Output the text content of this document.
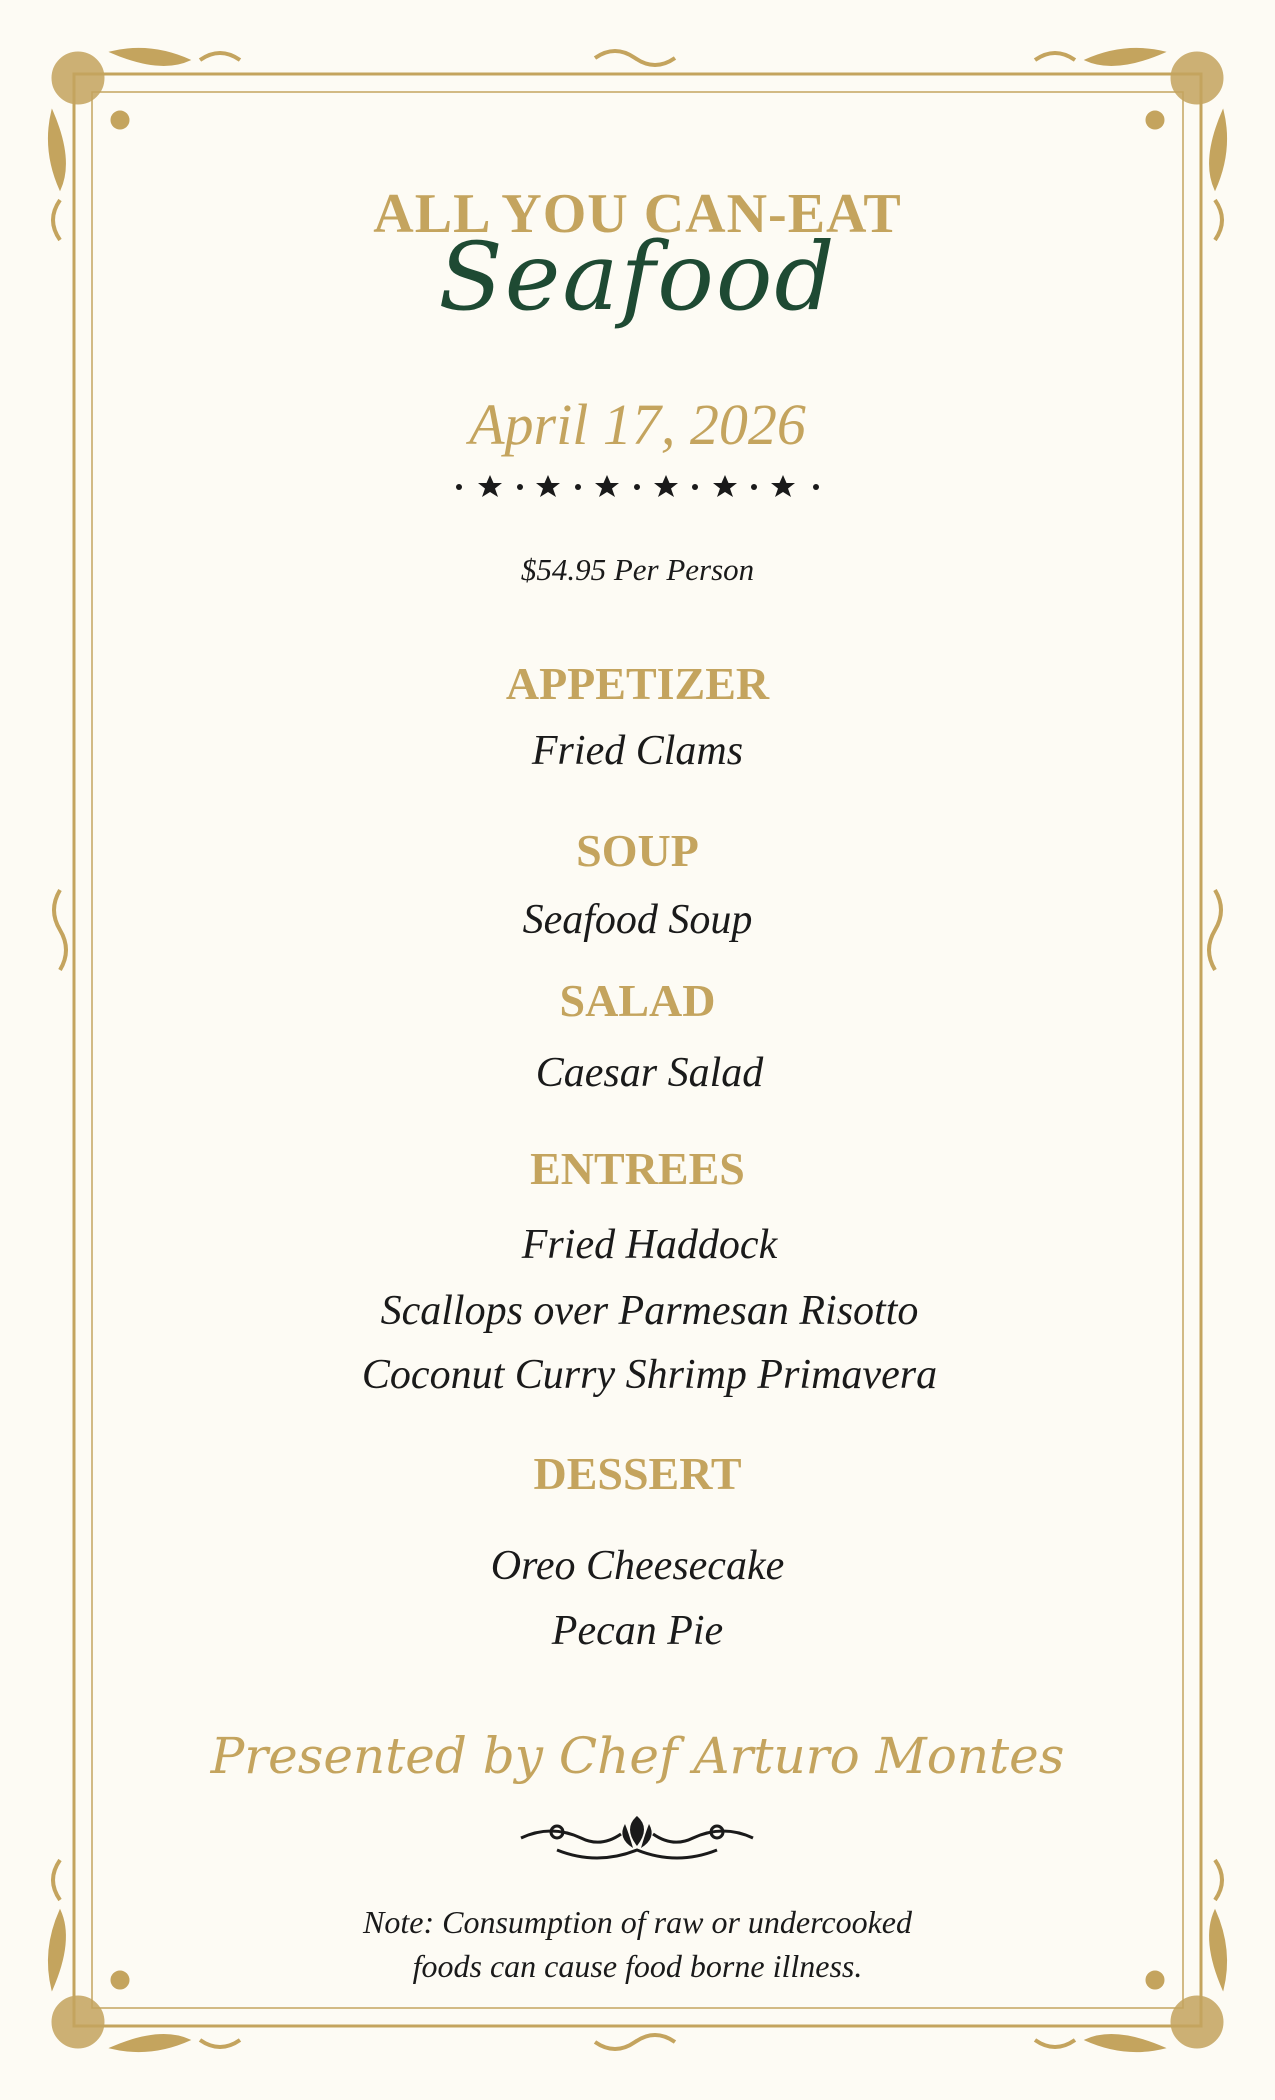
ALL YOU CAN-EAT
Seafood
April 17, 2026
$54.95 Per Person
APPETIZER
Fried Clams
SOUP
Seafood Soup
SALAD
Caesar Salad
ENTREES
Fried Haddock
Scallops over Parmesan Risotto
Coconut Curry Shrimp Primavera
DESSERT
Oreo Cheesecake
Pecan Pie
Presented by Chef Arturo Montes
Note: Consumption of raw or undercooked
foods can cause food borne illness.
